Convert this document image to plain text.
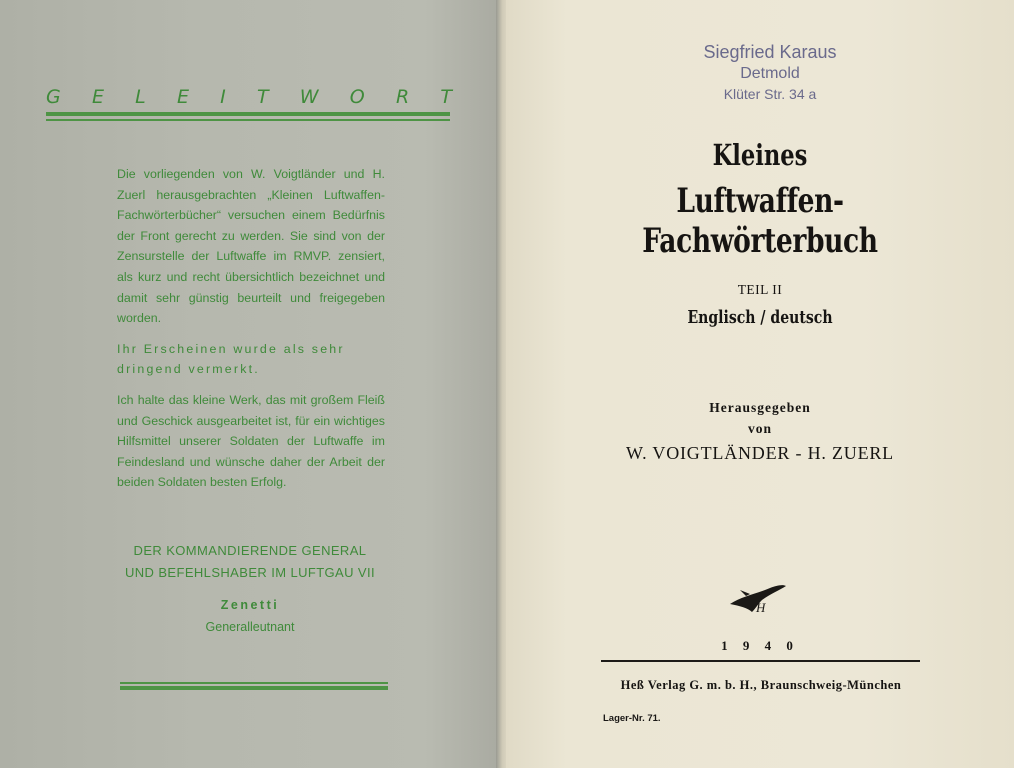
G E L E I T W O R T

Die vorliegenden von W. Voigtländer und H. Zuerl herausgebrachten „Kleinen Luftwaffen-Fachwörterbücher“ versuchen einem Bedürfnis der Front gerecht zu werden. Sie sind von der Zensurstelle der Luftwaffe im RMVP. zensiert, als kurz und recht übersichtlich bezeichnet und damit sehr günstig beurteilt und freigegeben worden.

Ihr Erscheinen wurde als sehr dringend vermerkt.

Ich halte das kleine Werk, das mit großem Fleiß und Geschick ausgearbeitet ist, für ein wichtiges Hilfsmittel unserer Soldaten der Luftwaffe im Feindesland und wünsche daher der Arbeit der beiden Soldaten besten Erfolg.

DER KOMMANDIERENDE GENERAL
UND BEFEHLSHABER IM LUFTGAU VII
Zenetti
Generalleutnant

Siegfried Karaus
Detmold
Klüter Str. 34 a
Kleines
Luftwaffen-Fachwörterbuch
TEIL II
Englisch / deutsch
Herausgegeben
von
W. VOIGTLÄNDER - H. ZUERL
H
1 9 4 0
Heß Verlag G. m. b. H., Braunschweig-München
Lager-Nr. 71.
